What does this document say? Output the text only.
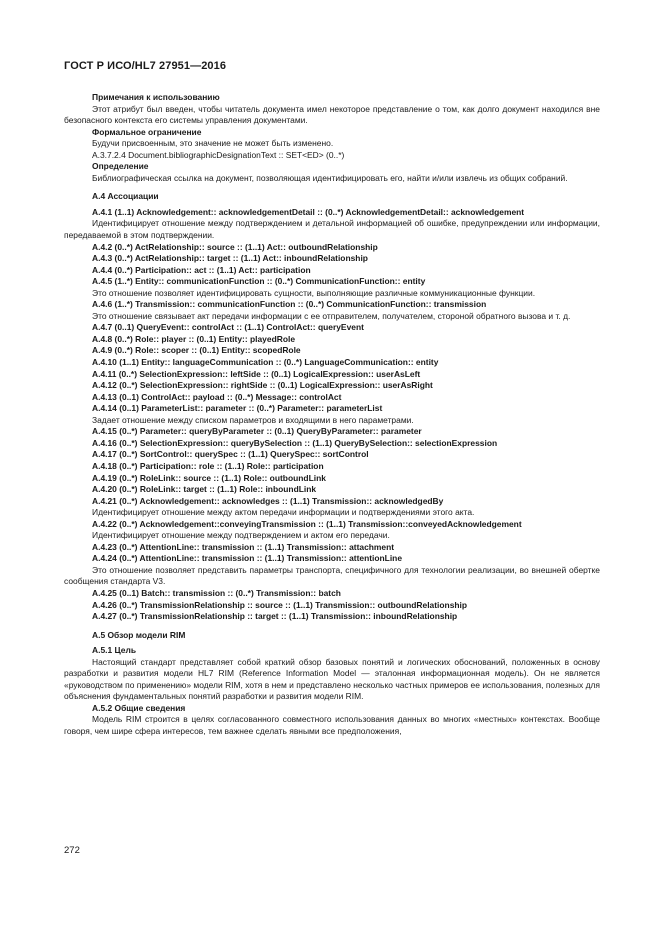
ГОСТ Р ИСО/HL7 27951—2016

Примечания к использованию

Этот атрибут был введен, чтобы читатель документа имел некоторое представление о том, как долго документ находился вне безопасного контекста его системы управления документами.

Формальное ограничение

Будучи присвоенным, это значение не может быть изменено.

A.3.7.2.4 Document.bibliographicDesignationText :: SET<ED> (0..*)

Определение

Библиографическая ссылка на документ, позволяющая идентифицировать его, найти и/или извлечь из общих собраний.

A.4 Ассоциации

A.4.1 (1..1) Acknowledgement:: acknowledgementDetail :: (0..*) AcknowledgementDetail:: acknowledgement

Идентифицирует отношение между подтверждением и детальной информацией об ошибке, предупреждении или информации, передаваемой в этом подтверждении.

A.4.2 (0..*) ActRelationship:: source :: (1..1) Act:: outboundRelationship

A.4.3 (0..*) ActRelationship:: target :: (1..1) Act:: inboundRelationship

A.4.4 (0..*) Participation:: act :: (1..1) Act:: participation

A.4.5 (1..*) Entity:: communicationFunction :: (0..*) CommunicationFunction:: entity

Это отношение позволяет идентифицировать сущности, выполняющие различные коммуникационные функции.

A.4.6 (1..*) Transmission:: communicationFunction :: (0..*) CommunicationFunction:: transmission

Это отношение связывает акт передачи информации с ее отправителем, получателем, стороной обратного вызова и т. д.

A.4.7 (0..1) QueryEvent:: controlAct :: (1..1) ControlAct:: queryEvent

A.4.8 (0..*) Role:: player :: (0..1) Entity:: playedRole

A.4.9 (0..*) Role:: scoper :: (0..1) Entity:: scopedRole

A.4.10 (1..1) Entity:: languageCommunication :: (0..*) LanguageCommunication:: entity

A.4.11 (0..*) SelectionExpression:: leftSide :: (0..1) LogicalExpression:: userAsLeft

A.4.12 (0..*) SelectionExpression:: rightSide :: (0..1) LogicalExpression:: userAsRight

A.4.13 (0..1) ControlAct:: payload :: (0..*) Message:: controlAct

A.4.14 (0..1) ParameterList:: parameter :: (0..*) Parameter:: parameterList

Задает отношение между списком параметров и входящими в него параметрами.

A.4.15 (0..*) Parameter:: queryByParameter :: (0..1) QueryByParameter:: parameter

A.4.16 (0..*) SelectionExpression:: queryBySelection :: (1..1) QueryBySelection:: selectionExpression

A.4.17 (0..*) SortControl:: querySpec :: (1..1) QuerySpec:: sortControl

A.4.18 (0..*) Participation:: role :: (1..1) Role:: participation

A.4.19 (0..*) RoleLink:: source :: (1..1) Role:: outboundLink

A.4.20 (0..*) RoleLink:: target :: (1..1) Role:: inboundLink

A.4.21 (0..*) Acknowledgement:: acknowledges :: (1..1) Transmission:: acknowledgedBy

Идентифицирует отношение между актом передачи информации и подтверждениями этого акта.

A.4.22 (0..*) Acknowledgement::conveyingTransmission :: (1..1) Transmission::conveyedAcknowledgement

Идентифицирует отношение между подтверждением и актом его передачи.

A.4.23 (0..*) AttentionLine:: transmission :: (1..1) Transmission:: attachment

A.4.24 (0..*) AttentionLine:: transmission :: (1..1) Transmission:: attentionLine

Это отношение позволяет представить параметры транспорта, специфичного для технологии реализации, во внешней обертке сообщения стандарта V3.

A.4.25 (0..1) Batch:: transmission :: (0..*) Transmission:: batch

A.4.26 (0..*) TransmissionRelationship :: source :: (1..1) Transmission:: outboundRelationship

A.4.27 (0..*) TransmissionRelationship :: target :: (1..1) Transmission:: inboundRelationship

A.5 Обзор модели RIM

A.5.1 Цель

Настоящий стандарт представляет собой краткий обзор базовых понятий и логических обоснований, положенных в основу разработки и развития модели HL7 RIM (Reference Information Model — эталонная информационная модель). Он не является «руководством по применению» модели RIM, хотя в нем и представлено несколько частных примеров ее использования, полезных для объяснения фундаментальных понятий разработки и развития модели RIM.

A.5.2 Общие сведения

Модель RIM строится в целях согласованного совместного использования данных во многих «местных» контекстах. Вообще говоря, чем шире сфера интересов, тем важнее сделать явными все предположения,

272
